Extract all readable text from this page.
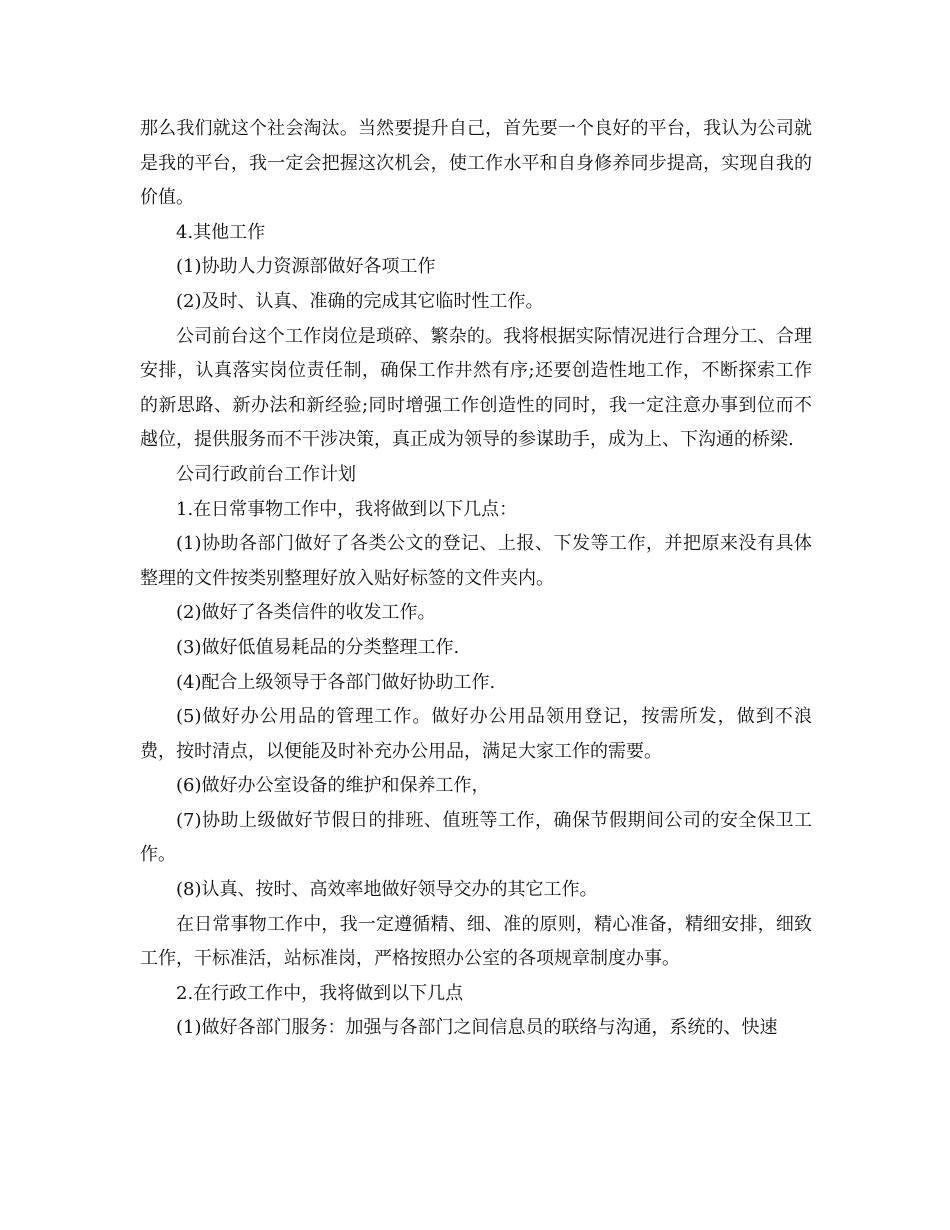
那么我们就这个社会淘汰。当然要提升自己，首先要一个良好的平台，我认为公司就是我的平台，我一定会把握这次机会，使工作水平和自身修养同步提高，实现自我的价值。

4.其他工作

(1)协助人力资源部做好各项工作

(2)及时、认真、准确的完成其它临时性工作。

公司前台这个工作岗位是琐碎、繁杂的。我将根据实际情况进行合理分工、合理安排，认真落实岗位责任制，确保工作井然有序;还要创造性地工作，不断探索工作的新思路、新办法和新经验;同时增强工作创造性的同时，我一定注意办事到位而不越位，提供服务而不干涉决策，真正成为领导的参谋助手，成为上、下沟通的桥梁.

公司行政前台工作计划

1.在日常事物工作中，我将做到以下几点：

(1)协助各部门做好了各类公文的登记、上报、下发等工作，并把原来没有具体整理的文件按类别整理好放入贴好标签的文件夹内。

(2)做好了各类信件的收发工作。

(3)做好低值易耗品的分类整理工作.

(4)配合上级领导于各部门做好协助工作.

(5)做好办公用品的管理工作。做好办公用品领用登记，按需所发，做到不浪费，按时清点，以便能及时补充办公用品，满足大家工作的需要。

(6)做好办公室设备的维护和保养工作，

(7)协助上级做好节假日的排班、值班等工作，确保节假期间公司的安全保卫工作。

(8)认真、按时、高效率地做好领导交办的其它工作。

在日常事物工作中，我一定遵循精、细、准的原则，精心准备，精细安排，细致工作，干标准活，站标准岗，严格按照办公室的各项规章制度办事。

2.在行政工作中，我将做到以下几点

(1)做好各部门服务：加强与各部门之间信息员的联络与沟通，系统的、快速
